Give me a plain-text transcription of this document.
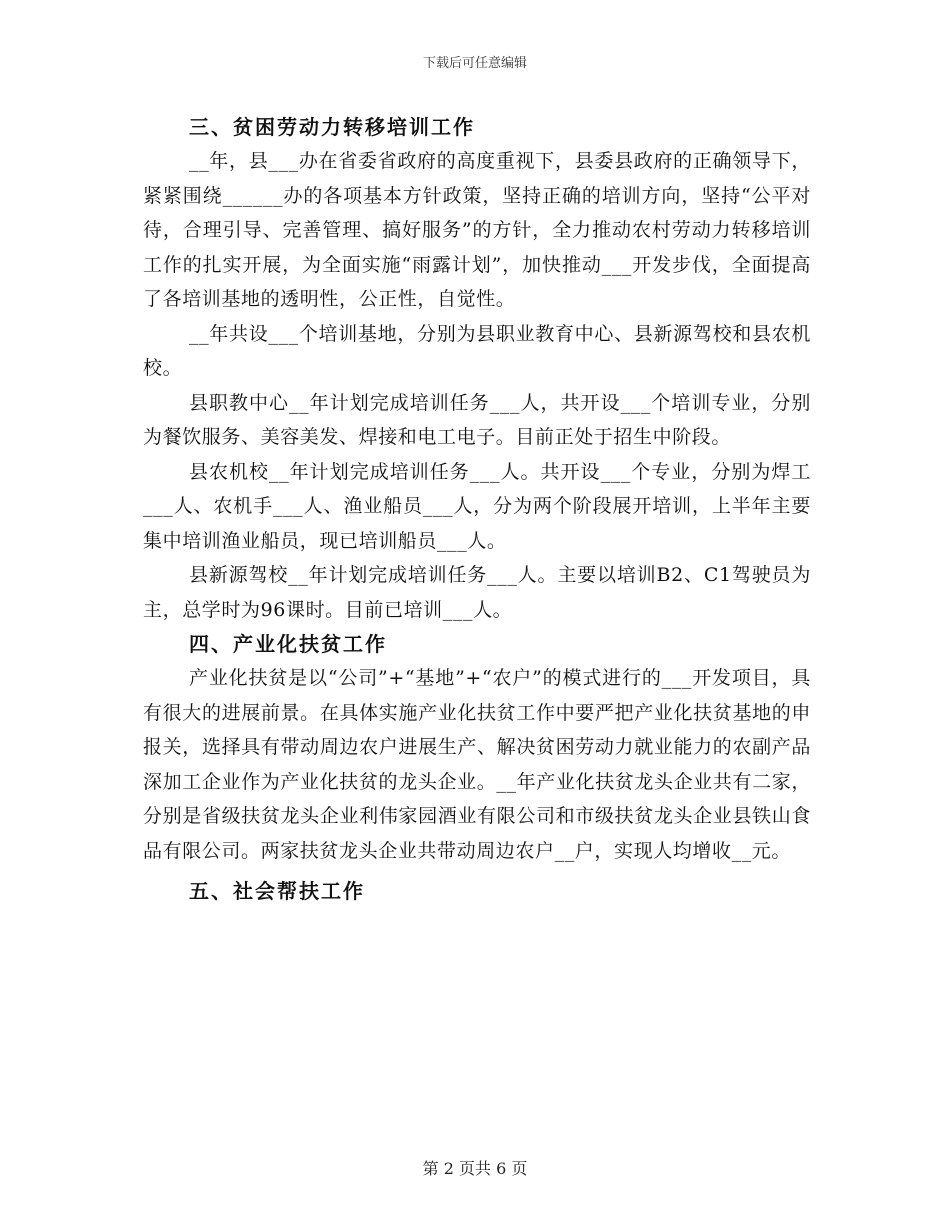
下载后可任意编辑
三、贫困劳动力转移培训工作

__年，县___办在省委省政府的高度重视下，县委县政府的正确领导下，紧紧围绕______办的各项基本方针政策，坚持正确的培训方向，坚持“公平对待，合理引导、完善管理、搞好服务”的方针，全力推动农村劳动力转移培训工作的扎实开展，为全面实施“雨露计划”，加快推动___开发步伐，全面提高了各培训基地的透明性，公正性，自觉性。

__年共设___个培训基地，分别为县职业教育中心、县新源驾校和县农机校。

县职教中心__年计划完成培训任务___人，共开设___个培训专业，分别为餐饮服务、美容美发、焊接和电工电子。目前正处于招生中阶段。

县农机校__年计划完成培训任务___人。共开设___个专业，分别为焊工___人、农机手___人、渔业船员___人，分为两个阶段展开培训，上半年主要集中培训渔业船员，现已培训船员___人。

县新源驾校__年计划完成培训任务___人。主要以培训B2、C1驾驶员为主，总学时为96课时。目前已培训___人。

四、产业化扶贫工作

产业化扶贫是以“公司”+“基地”+“农户”的模式进行的___开发项目，具有很大的进展前景。在具体实施产业化扶贫工作中要严把产业化扶贫基地的申报关，选择具有带动周边农户进展生产、解决贫困劳动力就业能力的农副产品深加工企业作为产业化扶贫的龙头企业。__年产业化扶贫龙头企业共有二家，分别是省级扶贫龙头企业利伟家园酒业有限公司和市级扶贫龙头企业县铁山食品有限公司。两家扶贫龙头企业共带动周边农户__户，实现人均增收__元。

五、社会帮扶工作
第 2 页共 6 页
